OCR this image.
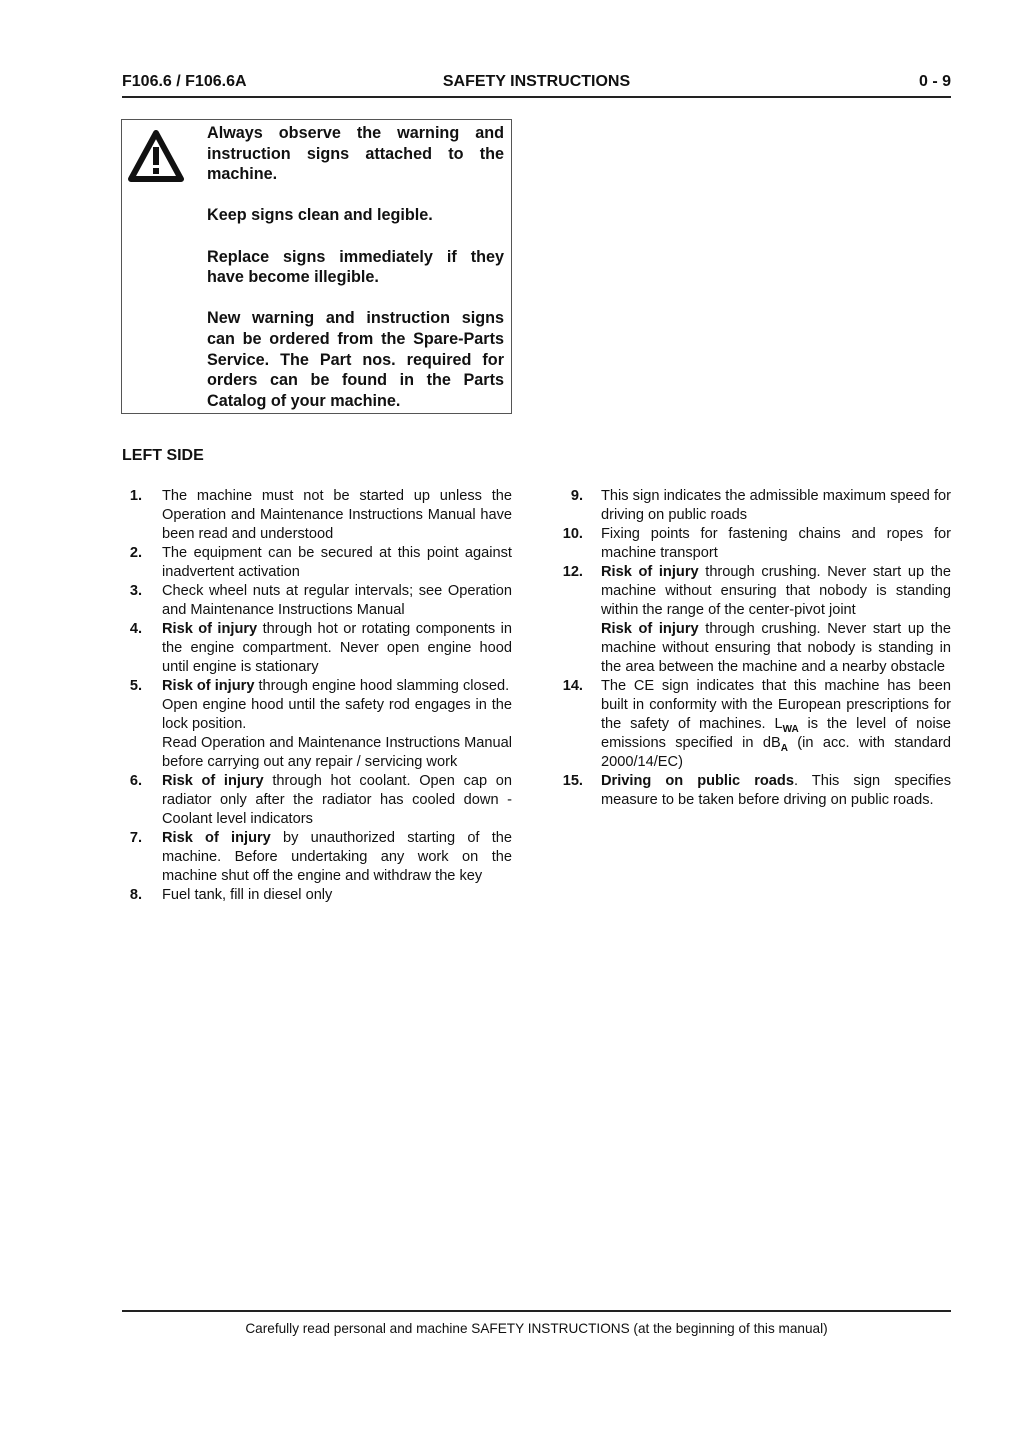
F106.6 / F106.6A	SAFETY INSTRUCTIONS	0 - 9

Always observe the warning and instruction signs attached to the machine.

Keep signs clean and legible.

Replace signs immediately if they have become illegible.

New warning and instruction signs can be ordered from the Spare-Parts Service. The Part nos. required for orders can be found in the Parts Catalog of your machine.

LEFT SIDE
1. The machine must not be started up unless the Operation and Maintenance Instructions Manual have been read and understood

2. The equipment can be secured at this point against inadvertent activation

3. Check wheel nuts at regular intervals; see Operation and Maintenance Instructions Manual

4. Risk of injury through hot or rotating components in the engine compartment. Never open engine hood until engine is stationary

5. Risk of injury through engine hood slamming closed.

Open engine hood until the safety rod engages in the lock position.

Read Operation and Maintenance Instructions Manual before carrying out any repair / servicing work

6. Risk of injury through hot coolant. Open cap on radiator only after the radiator has cooled down - Coolant level indicators

7. Risk of injury by unauthorized starting of the machine. Before undertaking any work on the machine shut off the engine and withdraw the key

8. Fuel tank, fill in diesel only

9. This sign indicates the admissible maximum speed for driving on public roads

10. Fixing points for fastening chains and ropes for machine transport

12. Risk of injury through crushing. Never start up the machine without ensuring that nobody is standing within the range of the center-pivot joint

Risk of injury through crushing. Never start up the machine without ensuring that nobody is standing in the area between the machine and a nearby obstacle

14. The CE sign indicates that this machine has been built in conformity with the European prescriptions for the safety of machines. $L_{WA}$ is the level of noise emissions specified in $dB_A$ (in acc. with standard 2000/14/EC)

15. Driving on public roads. This sign specifies measure to be taken before driving on public roads.

Carefully read personal and machine SAFETY INSTRUCTIONS (at the beginning of this manual)
